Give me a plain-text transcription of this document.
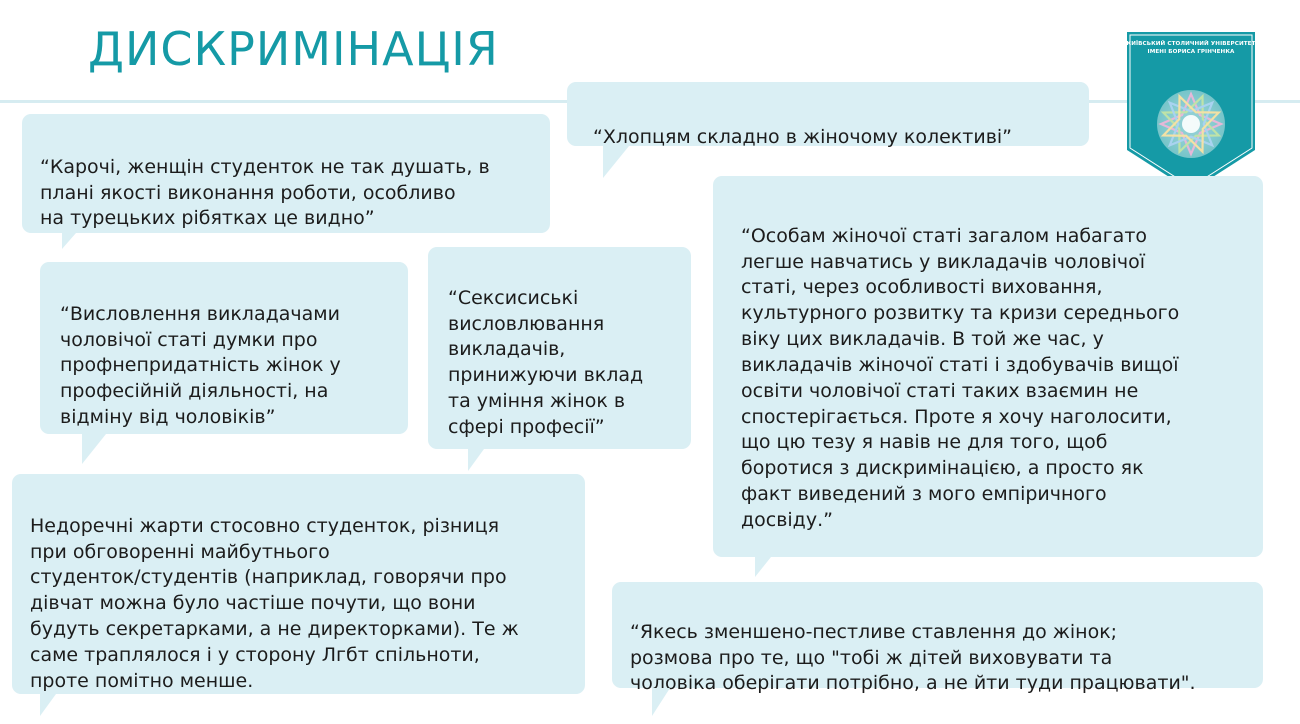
ДИСКРИМІНАЦІЯ	КИЇВСЬКИЙ СТОЛИЧНИЙ УНІВЕРСИТЕТ
ІМЕНІ БОРИСА ГРІНЧЕНКА

“Карочі, женщін студенток не так душать, в
плані якості виконання роботи, особливо
на турецьких рібятках це видно”

“Хлопцям складно в жіночому колективі”

“Висловлення викладачами
чоловічої статі думки про
профнепридатність жінок у
професійній діяльності, на
відміну від чоловіків”

“Сексисиські
висловлювання
викладачів,
принижуючи вклад
та уміння жінок в
сфері професії”

Недоречні жарти стосовно студенток, різниця
при обговоренні майбутнього
студенток/студентів (наприклад, говорячи про
дівчат можна було частіше почути, що вони
будуть секретарками, а не директорками). Те ж
саме траплялося і у сторону Лгбт спільноти,
проте помітно менше.

“Особам жіночої статі загалом набагато
легше навчатись у викладачів чоловічої
статі, через особливості виховання,
культурного розвитку та кризи середнього
віку цих викладачів. В той же час, у
викладачів жіночої статі і здобувачів вищої
освіти чоловічої статі таких взаємин не
спостерігається. Проте я хочу наголосити,
що цю тезу я навів не для того, щоб
боротися з дискримінацією, а просто як
факт виведений з мого емпіричного
досвіду.”

“Якесь зменшено-пестливе ставлення до жінок;
розмова про те, що "тобі ж дітей виховувати та
чоловіка оберігати потрібно, а не йти туди працювати".
